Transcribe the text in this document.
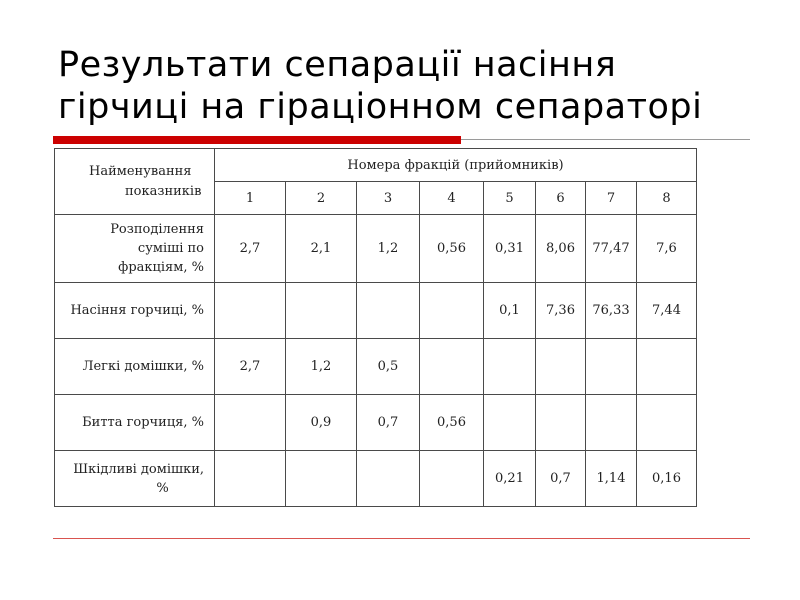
Результати сепарації насіння
гірчиці на гіраціонном сепараторі
Найменування
показників	Номера фракцій (прийомників)							
	1	2	3	4	5	6	7	8

Розподілення
суміші по
фракціям, %	2,7	2,1	1,2	0,56	0,31	8,06	77,47	7,6

Насіння горчиці, %					0,1	7,36	76,33	7,44

Легкі домішки, %	2,7	1,2	0,5					

Битта горчиця, %		0,9	0,7	0,56				

Шкідливі домішки,
%					0,21	0,7	1,14	0,16
